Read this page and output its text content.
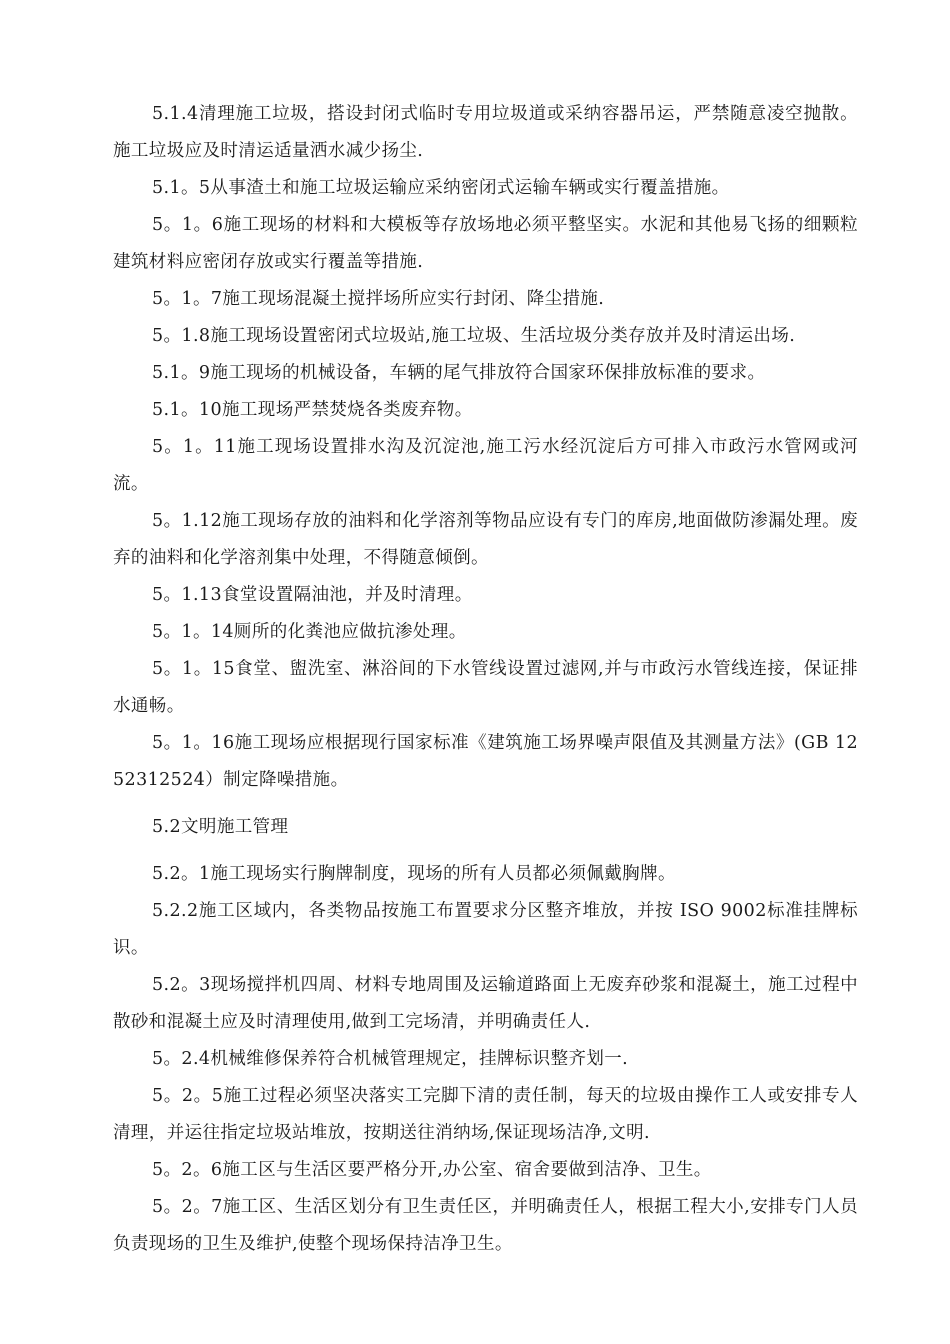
5.1.4清理施工垃圾，搭设封闭式临时专用垃圾道或采纳容器吊运，严禁随意凌空抛散。施工垃圾应及时清运适量洒水减少扬尘.

5.1。5从事渣土和施工垃圾运输应采纳密闭式运输车辆或实行覆盖措施。

5。1。6施工现场的材料和大模板等存放场地必须平整坚实。水泥和其他易飞扬的细颗粒建筑材料应密闭存放或实行覆盖等措施.

5。1。7施工现场混凝土搅拌场所应实行封闭、降尘措施.

5。1.8施工现场设置密闭式垃圾站,施工垃圾、生活垃圾分类存放并及时清运出场.

5.1。9施工现场的机械设备，车辆的尾气排放符合国家环保排放标准的要求。

5.1。10施工现场严禁焚烧各类废弃物。

5。1。11施工现场设置排水沟及沉淀池,施工污水经沉淀后方可排入市政污水管网或河流。

5。1.12施工现场存放的油料和化学溶剂等物品应设有专门的库房,地面做防渗漏处理。废弃的油料和化学溶剂集中处理，不得随意倾倒。

5。1.13食堂设置隔油池，并及时清理。

5。1。14厕所的化粪池应做抗渗处理。

5。1。15食堂、盥洗室、淋浴间的下水管线设置过滤网,并与市政污水管线连接，保证排水通畅。

5。1。16施工现场应根据现行国家标准《建筑施工场界噪声限值及其测量方法》(GB 1252312524）制定降噪措施。

5.2文明施工管理

5.2。1施工现场实行胸牌制度，现场的所有人员都必须佩戴胸牌。

5.2.2施工区域内，各类物品按施工布置要求分区整齐堆放，并按 ISO 9002标准挂牌标识。

5.2。3现场搅拌机四周、材料专地周围及运输道路面上无废弃砂浆和混凝土，施工过程中散砂和混凝土应及时清理使用,做到工完场清，并明确责任人.

5。2.4机械维修保养符合机械管理规定，挂牌标识整齐划一.

5。2。5施工过程必须坚决落实工完脚下清的责任制，每天的垃圾由操作工人或安排专人清理，并运往指定垃圾站堆放，按期送往消纳场,保证现场洁净,文明.

5。2。6施工区与生活区要严格分开,办公室、宿舍要做到洁净、卫生。

5。2。7施工区、生活区划分有卫生责任区，并明确责任人，根据工程大小,安排专门人员负责现场的卫生及维护,使整个现场保持洁净卫生。
